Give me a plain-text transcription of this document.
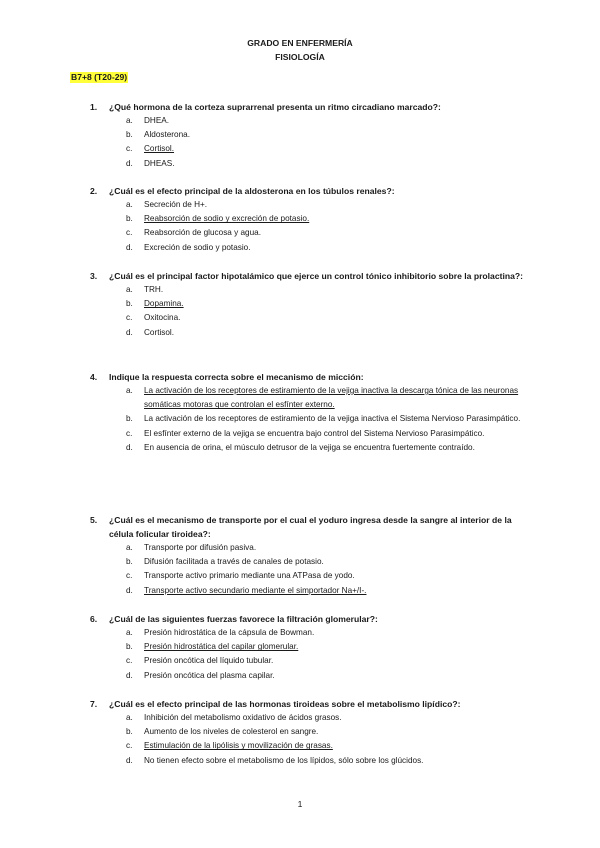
GRADO EN ENFERMERÍA
FISIOLOGÍA
B7+8 (T20-29)
1. ¿Qué hormona de la corteza suprarrenal presenta un ritmo circadiano marcado?:
a. DHEA.
b. Aldosterona.
c. Cortisol.
d. DHEAS.
2. ¿Cuál es el efecto principal de la aldosterona en los túbulos renales?:
a. Secreción de H+.
b. Reabsorción de sodio y excreción de potasio.
c. Reabsorción de glucosa y agua.
d. Excreción de sodio y potasio.
3. ¿Cuál es el principal factor hipotalámico que ejerce un control tónico inhibitorio sobre la prolactina?:
a. TRH.
b. Dopamina.
c. Oxitocina.
d. Cortisol.
4. Indique la respuesta correcta sobre el mecanismo de micción:
a. La activación de los receptores de estiramiento de la vejiga inactiva la descarga tónica de las neuronas somáticas motoras que controlan el esfínter externo.
b. La activación de los receptores de estiramiento de la vejiga inactiva el Sistema Nervioso Parasimpático.
c. El esfínter externo de la vejiga se encuentra bajo control del Sistema Nervioso Parasimpático.
d. En ausencia de orina, el músculo detrusor de la vejiga se encuentra fuertemente contraído.
5. ¿Cuál es el mecanismo de transporte por el cual el yoduro ingresa desde la sangre al interior de la célula folicular tiroidea?:
a. Transporte por difusión pasiva.
b. Difusión facilitada a través de canales de potasio.
c. Transporte activo primario mediante una ATPasa de yodo.
d. Transporte activo secundario mediante el simportador Na+/I-.
6. ¿Cuál de las siguientes fuerzas favorece la filtración glomerular?:
a. Presión hidrostática de la cápsula de Bowman.
b. Presión hidrostática del capilar glomerular.
c. Presión oncótica del líquido tubular.
d. Presión oncótica del plasma capilar.
7. ¿Cuál es el efecto principal de las hormonas tiroideas sobre el metabolismo lipídico?:
a. Inhibición del metabolismo oxidativo de ácidos grasos.
b. Aumento de los niveles de colesterol en sangre.
c. Estimulación de la lipólisis y movilización de grasas.
d. No tienen efecto sobre el metabolismo de los lípidos, sólo sobre los glúcidos.
1
